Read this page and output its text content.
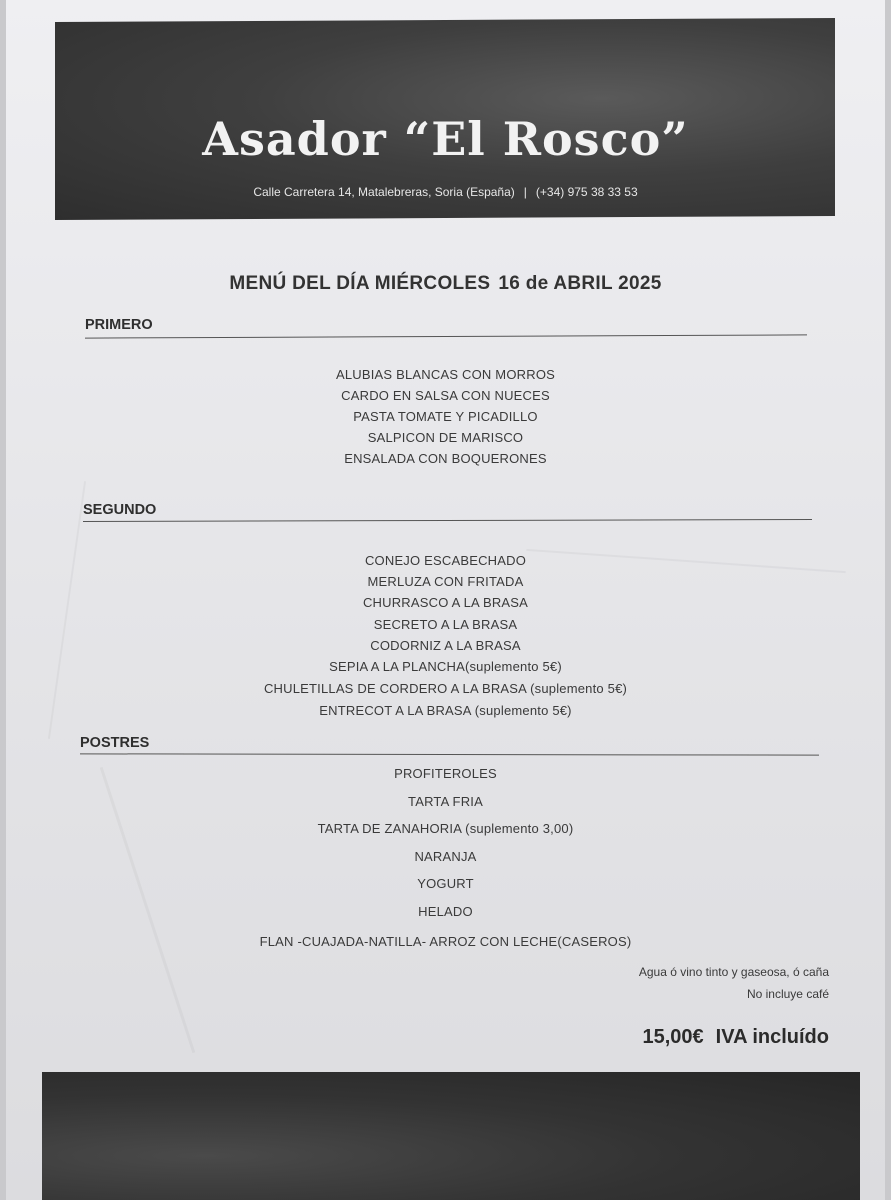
Asador “El Rosco”
Calle Carretera 14, Matalebreras, Soria (España) | (+34) 975 38 33 53
MENÚ DEL DÍA MIÉRCOLES 16 de ABRIL 2025
PRIMERO
ALUBIAS BLANCAS CON MORROS
CARDO EN SALSA CON NUECES
PASTA TOMATE Y PICADILLO
SALPICON DE MARISCO
ENSALADA CON BOQUERONES
SEGUNDO
CONEJO ESCABECHADO
MERLUZA CON FRITADA
CHURRASCO A LA BRASA
SECRETO A LA BRASA
CODORNIZ A LA BRASA
SEPIA A LA PLANCHA(suplemento 5€)
CHULETILLAS DE CORDERO A LA BRASA (suplemento 5€)
ENTRECOT A LA BRASA (suplemento 5€)
POSTRES
PROFITEROLES
TARTA FRIA
TARTA DE ZANAHORIA (suplemento 3,00)
NARANJA
YOGURT
HELADO
FLAN -CUAJADA-NATILLA- ARROZ CON LECHE(CASEROS)
Agua ó vino tinto y gaseosa, ó caña
No incluye café
15,00€ IVA incluído
